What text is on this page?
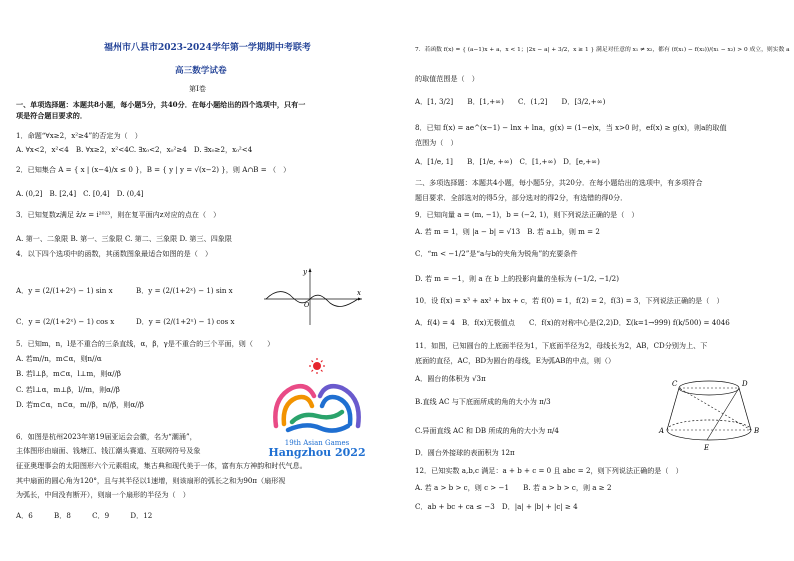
福州市八县市2023-2024学年第一学期期中考联考
高三数学试卷
第I卷
一、单项选择题：本题共8小题，每小题5分，共40分．在每小题给出的四个选项中，只有一
项是符合题目要求的．
1．命题“∀x≥2，x²≥4”的否定为（　）
A. ∀x<2，x²<4　B. ∀x≥2，x²<4C. ∃x₀<2，x₀²≥4　D. ∃x₀≥2，x₀²<4
2．已知集合 A = { x | (x−4)/x ≤ 0 }，B = { y | y = √(x−2) }，则 A∩B = （　）
A. (0,2]　B. [2,4]　C. [0,4]　D. (0,4]
3．已知复数z满足 z̄/z = i²⁰²³，则在复平面内z对应的点在（　）
A. 第一、二象限 B. 第一、三象限 C. 第二、三象限 D. 第三、四象限
4．以下四个选项中的函数，其函数图象最适合如图的是（　）
A．y = (2/(1+2ˣ) − 1) sin x	B．y = (2/(1+2ˣ) − 1) sin x
C．y = (2/(1+2ˣ) − 1) cos x	D．y = (2/(1+2ˣ) − 1) cos x
y
x
O
5．已知m，n，l是不重合的三条直线，α，β，γ是不重合的三个平面，则（　　）
A. 若m//n，m⊂α，则n//α
B. 若l⊥β，m⊂α，l⊥m，则α//β
C. 若l⊥α，m⊥β，l//m，则α//β
D. 若m⊂α，n⊂α，m//β，n//β，则α//β
19th Asian Games
Hangzhou 2022
6．如图是杭州2023年第19届亚运会会徽，名为“潮涌”，
主体图形由扇面、钱塘江、钱江潮头赛道、互联网符号及象
征亚奥理事会的太阳图形六个元素组成，集古典和现代美于一体，富有东方神韵和时代气息。
其中扇面的圆心角为120°，且与其半径以1速增，则该扇形的弧长之和为90π（扇形视
为弧长，中间没有断开），则扇一个扇形的半径为（　）
A．6　　　B．8　　　C．9　　　D．12
7．若函数 f(x) = { (a−1)x + a，x < 1；|2x − a| + 3/2，x ≥ 1 } 满足对任意的 x₁ ≠ x₂，都有 (f(x₁) − f(x₂))/(x₁ − x₂) > 0 成立，则实数 a
的取值范围是（　）
A．[1, 3/2]　　B．[1,+∞)　　C．(1,2]　　D．[3/2,+∞)
8．已知 f(x) = ae^(x−1) − lnx + lna，g(x) = (1−e)x，当 x>0 时，ef(x) ≥ g(x)，则a的取值
范围为（　）
A．[1/e, 1]　　B．[1/e, +∞)　C．[1,+∞)　D．[e,+∞)
二、多项选择题：本题共4小题，每小题5分，共20分．在每小题给出的选项中，有多项符合
题目要求．全部选对的得5分，部分选对的得2分，有选错的得0分．
9．已知向量 a = (m, −1)，b = (−2, 1)，则下列说法正确的是（　）
A. 若 m = 1，则 |a − b| = √13　B. 若 a⊥b，则 m = 2
C．“m < −1/2”是“a与b的夹角为锐角”的充要条件
D. 若 m = −1，则 a 在 b 上的投影向量的坐标为 (−1/2, −1/2)
10．设 f(x) = x³ + ax² + bx + c，若 f(0) = 1，f(2) = 2，f(3) = 3，下列说法正确的是（　）
A．f(4) = 4　B．f(x)无极值点　　C．f(x)的对称中心是(2,2)D．Σ(k=1→999) f(k/500) = 4046
11．如图，已知圆台的上底面半径为1，下底面半径为2，母线长为2，AB，CD分别为上、下
底面的直径，AC，BD为圆台的母线，E为弧AB的中点，则（）
A．圆台的体积为 √3π
B.直线 AC 与下底面所成的角的大小为 π/3
C.异面直线 AC 和 DB 所成的角的大小为 π/4
D．圆台外接球的表面积为 12π
C	D
A	B
E
12．已知实数 a,b,c 满足：a + b + c = 0 且 abc = 2，则下列说法正确的是（　）
A. 若 a > b > c，则 c > −1　　B. 若 a > b > c，则 a ≥ 2
C．ab + bc + ca ≤ −3　D．|a| + |b| + |c| ≥ 4
